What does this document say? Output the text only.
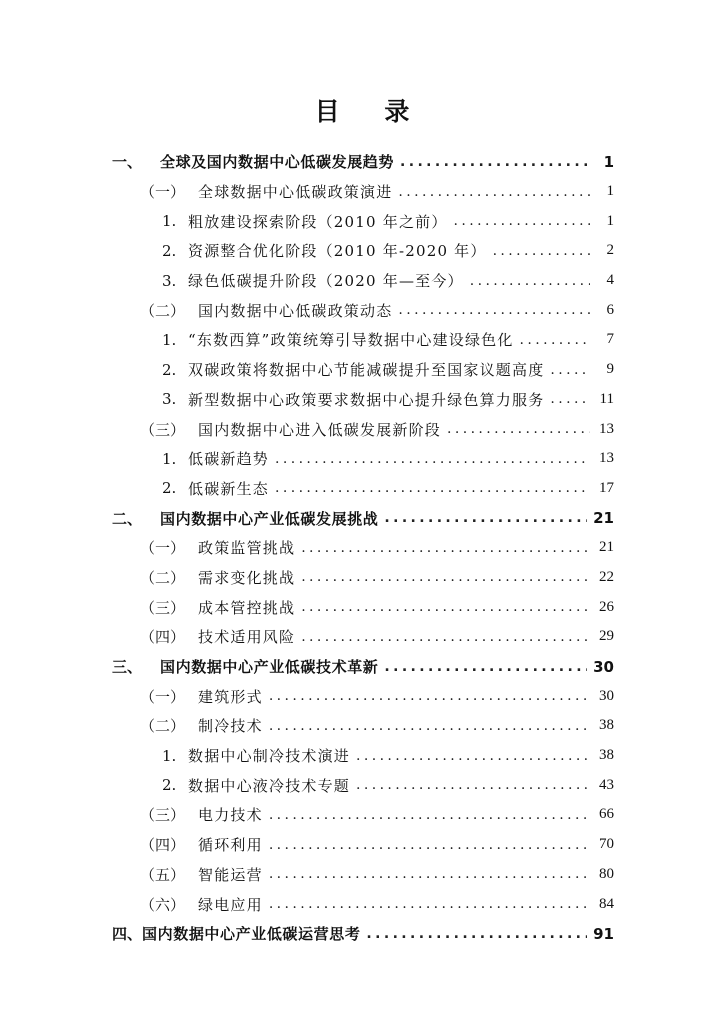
目 录
一、	全球及国内数据中心低碳发展趋势 .....	1
（一） 全球数据中心低碳政策演进 .....	1
1. 粗放建设探索阶段（2010 年之前） .....	1
2. 资源整合优化阶段（2010 年-2020 年） .....	2
3. 绿色低碳提升阶段（2020 年—至今） .....	4
（二） 国内数据中心低碳政策动态 .....	6
1. “东数西算”政策统筹引导数据中心建设绿色化 .....	7
2. 双碳政策将数据中心节能减碳提升至国家议题高度 .....	9
3. 新型数据中心政策要求数据中心提升绿色算力服务 .....	11
（三） 国内数据中心进入低碳发展新阶段 .....	13
1. 低碳新趋势 .....	13
2. 低碳新生态 .....	17
二、	国内数据中心产业低碳发展挑战 .....	21
（一） 政策监管挑战 .....	21
（二） 需求变化挑战 .....	22
（三） 成本管控挑战 .....	26
（四） 技术适用风险 .....	29
三、	国内数据中心产业低碳技术革新 .....	30
（一） 建筑形式 .....	30
（二） 制冷技术 .....	38
1. 数据中心制冷技术演进 .....	38
2. 数据中心液冷技术专题 .....	43
（三） 电力技术 .....	66
（四） 循环利用 .....	70
（五） 智能运营 .....	80
（六） 绿电应用 .....	84
四、 国内数据中心产业低碳运营思考 .....	91
